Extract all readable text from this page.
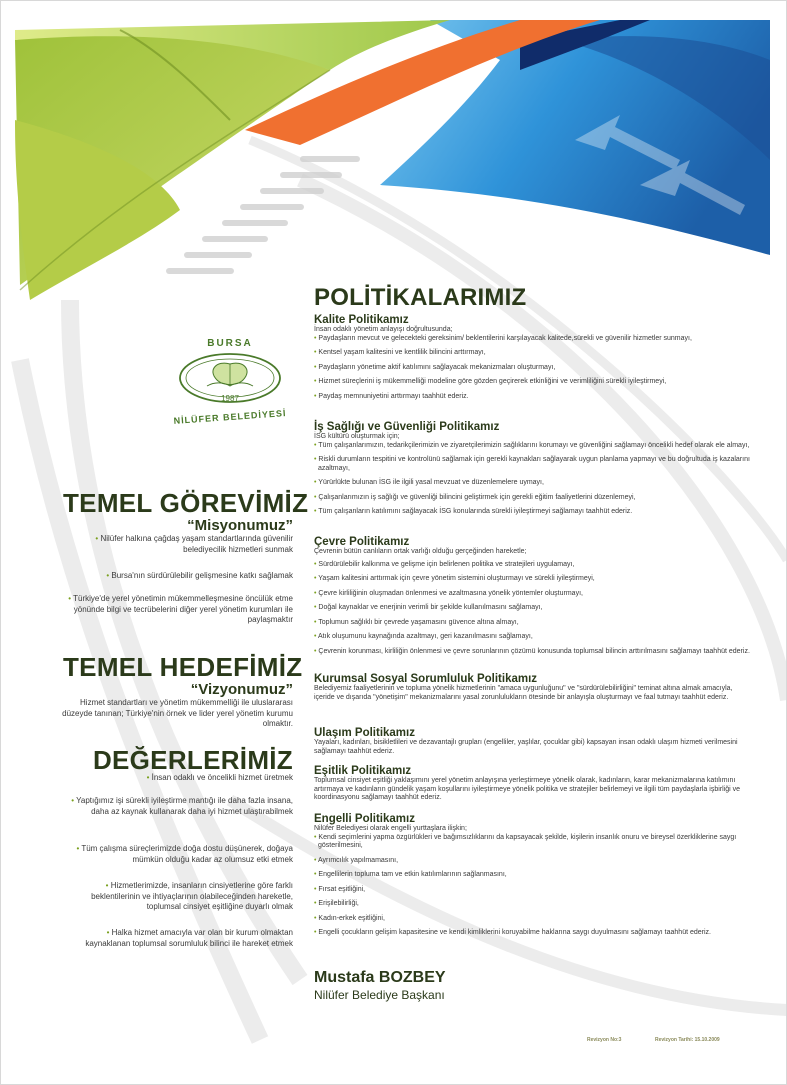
BURSA
1987
NİLÜFER BELEDİYESİ
TEMEL GÖREVİMİZ
“Misyonumuz”
• Nilüfer halkına çağdaş yaşam standartlarında güvenilir belediyecilik hizmetleri sunmak
• Bursa'nın sürdürülebilir gelişmesine katkı sağlamak
• Türkiye'de yerel yönetimin mükemmelleşmesine öncülük etme yönünde bilgi ve tecrübelerini diğer yerel yönetim kurumları ile paylaşmaktır
TEMEL HEDEFİMİZ
“Vizyonumuz”
Hizmet standartları ve yönetim mükemmelliği ile uluslararası düzeyde tanınan; Türkiye'nin örnek ve lider yerel yönetim kurumu olmaktır.
DEĞERLERİMİZ
• İnsan odaklı ve öncelikli hizmet üretmek
• Yaptığımız işi sürekli iyileştirme mantığı ile daha fazla insana, daha az kaynak kullanarak daha iyi hizmet ulaştırabilmek
• Tüm çalışma süreçlerimizde doğa dostu düşünerek, doğaya mümkün olduğu kadar az olumsuz etki etmek
• Hizmetlerimizde, insanların cinsiyetlerine göre farklı beklentilerinin ve ihtiyaçlarının olabileceğinden hareketle, toplumsal cinsiyet eşitliğine duyarlı olmak
• Halka hizmet amacıyla var olan bir kurum olmaktan kaynaklanan toplumsal sorumluluk bilinci ile hareket etmek
POLİTİKALARIMIZ
Kalite Politikamız
İnsan odaklı yönetim anlayışı doğrultusunda;
• Paydaşların mevcut ve gelecekteki gereksinim/ beklentilerini karşılayacak kalitede,sürekli ve güvenilir hizmetler sunmayı,
• Kentsel yaşam kalitesini ve kentlilik bilincini arttırmayı,
• Paydaşların yönetime aktif katılımını sağlayacak mekanizmaları oluşturmayı,
• Hizmet süreçlerini iş mükemmelliği modeline göre gözden geçirerek etkinliğini ve verimliliğini sürekli iyileştirmeyi,
• Paydaş memnuniyetini arttırmayı taahhüt ederiz.
İş Sağlığı ve Güvenliği Politikamız
İSG kültürü oluşturmak için;
• Tüm çalışanlarımızın, tedarikçilerimizin ve ziyaretçilerimizin sağlıklarını korumayı ve güvenliğini sağlamayı öncelikli hedef olarak ele almayı,
• Riskli durumların tespitini ve kontrolünü sağlamak için gerekli kaynakları sağlayarak uygun planlama yapmayı ve bu doğrultuda iş kazalarını azaltmayı,
• Yürürlükte bulunan İSG ile ilgili yasal mevzuat ve düzenlemelere uymayı,
• Çalışanlarımızın iş sağlığı ve güvenliği bilincini geliştirmek için gerekli eğitim faaliyetlerini düzenlemeyi,
• Tüm çalışanların katılımını sağlayacak İSG konularında sürekli iyileştirmeyi sağlamayı taahhüt ederiz.
Çevre Politikamız
Çevrenin bütün canlıların ortak varlığı olduğu gerçeğinden hareketle;
• Sürdürülebilir kalkınma ve gelişme için belirlenen politika ve stratejileri uygulamayı,
• Yaşam kalitesini arttırmak için çevre yönetim sistemini oluşturmayı ve sürekli iyileştirmeyi,
• Çevre kirliliğinin oluşmadan önlenmesi ve azaltmasına yönelik yöntemler oluşturmayı,
• Doğal kaynaklar ve enerjinin verimli bir şekilde kullanılmasını sağlamayı,
• Toplumun sağlıklı bir çevrede yaşamasını güvence altına almayı,
• Atık oluşumunu kaynağında azaltmayı, geri kazanılmasını sağlamayı,
• Çevrenin korunması, kirliliğin önlenmesi ve çevre sorunlarının çözümü konusunda toplumsal bilincin arttırılmasını sağlamayı taahhüt ederiz.
Kurumsal Sosyal Sorumluluk Politikamız
Belediyemiz faaliyetlerinin ve topluma yönelik hizmetlerinin "amaca uygunluğunu" ve "sürdürülebilirliğini" teminat altına almak amacıyla, içeride ve dışarıda "yönetişim" mekanizmalarını yasal zorunlulukların ötesinde bir anlayışla oluşturmayı ve faal tutmayı taahhüt ederiz.
Ulaşım Politikamız
Yayaları, kadınları, bisikletlileri ve dezavantajlı grupları (engelliler, yaşlılar, çocuklar gibi) kapsayan insan odaklı ulaşım hizmeti verilmesini sağlamayı taahhüt ederiz.
Eşitlik Politikamız
Toplumsal cinsiyet eşitliği yaklaşımını yerel yönetim anlayışına yerleştirmeye yönelik olarak, kadınların, karar mekanizmalarına katılımını artırmaya ve kadınların gündelik yaşam koşullarını iyileştirmeye yönelik politika ve stratejiler belirlemeyi ve ilgili tüm paydaşlarla işbirliği ve koordinasyonu sağlamayı taahhüt ederiz.
Engelli Politikamız
Nilüfer Belediyesi olarak engelli yurttaşlara ilişkin;
• Kendi seçimlerini yapma özgürlükleri ve bağımsızlıklarını da kapsayacak şekilde, kişilerin insanlık onuru ve bireysel özerkliklerine saygı gösterilmesini,
• Ayrımcılık yapılmamasını,
• Engellilerin topluma tam ve etkin katılımlarının sağlanmasını,
• Fırsat eşitliğini,
• Erişilebilirliği,
• Kadın-erkek eşitliğini,
• Engelli çocukların gelişim kapasitesine ve kendi kimliklerini koruyabilme haklarına saygı duyulmasını sağlamayı taahhüt ederiz.
Mustafa BOZBEY
Nilüfer Belediye Başkanı
Revizyon No:3	Revizyon Tarihi: 15.10.2009
